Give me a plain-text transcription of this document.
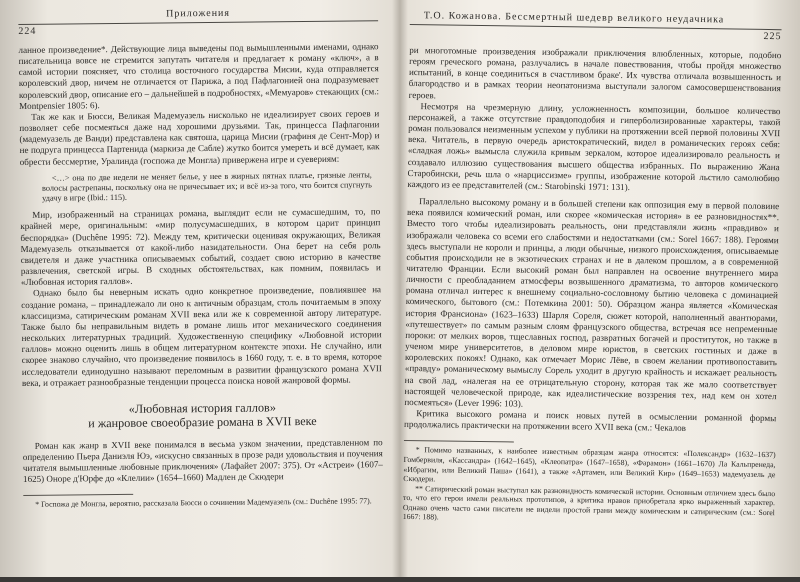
224
Приложения

ланное произведение*. Действующие лица выведены под вымышленными именами, однако писательница вовсе не стремится запутать читателя и предлагает к роману «ключ», а в самой истории поясняет, что столица восточного государства Мисии, куда отправляется королевский двор, ничем не отличается от Парижа, а под Пафлагонией она подразумевает королевский двор, описание его – дальнейшей в подробностях, «Мемуаров» стекающих (см.: Montpensier 1805: 6).

Так же как и Бюсси, Великая Мадемуазель нисколько не идеализирует своих героев и позволяет себе посмеяться даже над хорошими друзьями. Так, принцесса Пафлагонии (мадемуазель де Ванди) представлена как святоша, царица Мисии (графиня де Сент-Мор) и не подруга принцесса Партенида (маркиза де Сабле) жутко боится умереть и всё думает, как обрести бессмертие, Уралинда (госпожа де Монглa) привержена игре и суевериям:

<…> она по две недели не меняет белье, у нее в жирных пятнах платье, грязные ленты, волосы растрепаны, поскольку она не причесывает их; и всё из-за того, что боится спугнуть удачу в игре (Ibid.: 115).

Мир, изображенный на страницах романа, выглядит если не сумасшедшим, то, по крайней мере, оригинальным: «мир полусумасшедших, в котором царит принцип беспорядка» (Duchêne 1995: 72). Между тем, критически оценивая окружающих, Великая Мадемуазель отказывается от какой-либо назидательности. Она берет на себя роль свидетеля и даже участника описываемых событий, создает свою историю в качестве развлечения, светской игры. В сходных обстоятельствах, как помним, появилась и «Любовная история галлов».

Однако было бы неверным искать одно конкретное произведение, повлиявшее на создание романа, – принадлежало ли оно к античным образцам, столь почитаемым в эпоху классицизма, сатирическим романам XVII века или же к современной автору литературе. Также было бы неправильным видеть в романе лишь итог механического соединения нескольких литературных традиций. Художественную специфику «Любовной истории галлов» можно оценить лишь в общем литературном контексте эпохи. Не случайно, или скорее знаково случайно, что произведение появилось в 1660 году, т. е. в то время, которое исследователи единодушно называют переломным в развитии французского романа XVII века, и отражает разнообразные тенденции процесса поиска новой жанровой формы.

«Любовная история галлов»
и жанровое своеобразие романа в XVII веке

Роман как жанр в XVII веке понимался в весьма узком значении, представленном по определению Пьера Даниэля Юэ, «искусно связанных в прозе ради удовольствия и поучения читателя вымышленные любовные приключения» (Лафайет 2007: 375). От «Астреи» (1607–1625) Оноре д'Юрфе до «Клелии» (1654–1660) Мадлен де Скюдери

* Госпожа де Монгла, вероятно, рассказала Бюсси о сочинении Мадемуазель (см.: Duchêne 1995: 77).

Т.О. Кожанова. Бессмертный шедевр великого неудачника
225

ри многотомные произведения изображали приключения влюбленных, которые, подобно героям греческого романа, разлучались в начале повествования, чтобы пройдя множество испытаний, в конце соединиться в счастливом браке'. Их чувства отличала возвышенность и благородство и в рамках теории неопатонизма выступали залогом самосовершенствования героев.

Несмотря на чрезмерную длину, усложненность композиции, большое количество персонажей, а также отсутствие правдоподобия и гиперболизированные характеры, такой роман пользовался неизменным успехом у публики на протяжении всей первой половины XVII века. Читатель, в первую очередь аристократический, видел в романических героях себя: «сладкая ложь» вымысла служила кривым зеркалом, которое идеализировало реальность и создавало иллюзию существования высшего общества избранных. По выражению Жана Старобински, речь шла о «нарциссизме» группы, изображение которой льстило самолюбию каждого из ее представителей (см.: Starobinski 1971: 131).

Параллельно высокому роману и в большей степени как оппозиция ему в первой половине века появился комический роман, или скорее «комическая история» в ее разновидностях**. Вместо того чтобы идеализировать реальность, они представляли жизнь «правдиво» и изображали человека со всеми его слабостями и недостатками (см.: Sorel 1667: 188). Героями здесь выступали не короли и принцы, а люди обычные, низкого происхождения, описываемые события происходили не в экзотических странах и не в далеком прошлом, а в современной читателю Франции. Если высокий роман был направлен на освоение внутреннего мира личности с преобладанием атмосферы возвышенного драматизма, то авторов комического романа отличал интерес к внешнему социально-сословному бытию человека с доминацией комического, бытового (см.: Потемкина 2001: 50). Образцом жанра является «Комическая история Франсиона» (1623–1633) Шарля Сореля, сюжет которой, наполненный авантюрами, «путешествует» по самым разным слоям французского общества, встречая все непременные пороки: от мелких воров, тщеславных господ, развратных богачей и проституток, но также в ученом мире университетов, в деловом мире юристов, в светских гостиных и даже в королевских покоях! Однако, как отмечает Морис Лёве, в своем желании противопоставить «правду» романическому вымыслу Сорель уходит в другую крайность и искажает реальность на свой лад, «налегая на ее отрицательную сторону, которая так же мало соответствует настоящей человеческой природе, как идеалистические воззрения тех, над кем он хотел посмеяться» (Lever 1996: 103).

Критика высокого романа и поиск новых путей в осмыслении романной формы продолжались практически на протяжении всего XVII века (см.: Чекалов

* Помимо названных, к наиболее известным образцам жанра относятся: «Полександр» (1632–1637) Гомбервиля, «Кассандра» (1642–1645), «Клеопатра» (1647–1658), «Фарамон» (1661–1670) Ла Кальпренеда, «Ибрагим, или Великий Паша» (1641), а также «Артамен, или Великий Кир» (1649–1653) мадемуазель де Скюдери.

** Сатирический роман выступал как разновидность комической истории. Основным отличием здесь было то, что его герои имели реальных прототипов, а критика нравов приобретала ярко выраженный характер. Однако очень часто сами писатели не видели простой грани между комическим и сатирическим (см.: Sorel 1667: 188).
